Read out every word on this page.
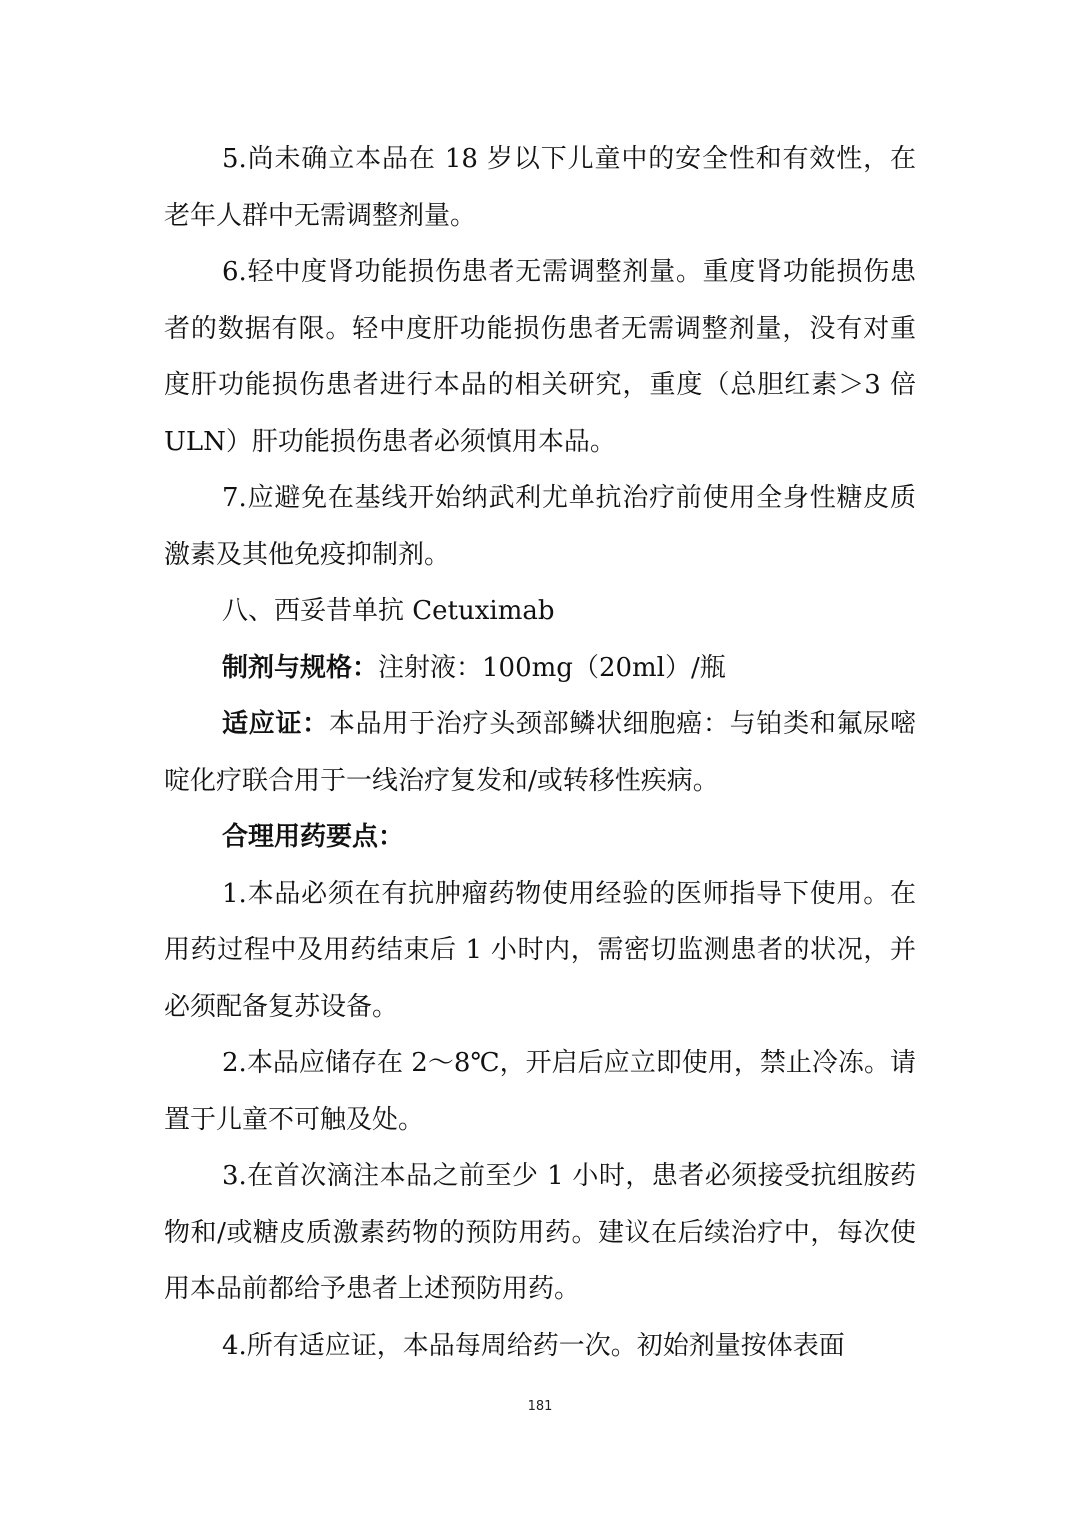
5.尚未确立本品在 18 岁以下儿童中的安全性和有效性，在老年人群中无需调整剂量。

6.轻中度肾功能损伤患者无需调整剂量。重度肾功能损伤患者的数据有限。轻中度肝功能损伤患者无需调整剂量，没有对重度肝功能损伤患者进行本品的相关研究，重度（总胆红素＞3 倍 ULN）肝功能损伤患者必须慎用本品。

7.应避免在基线开始纳武利尤单抗治疗前使用全身性糖皮质激素及其他免疫抑制剂。

八、西妥昔单抗 Cetuximab

制剂与规格：注射液：100mg（20ml）/瓶

适应证：本品用于治疗头颈部鳞状细胞癌：与铂类和氟尿嘧啶化疗联合用于一线治疗复发和/或转移性疾病。

合理用药要点：

1.本品必须在有抗肿瘤药物使用经验的医师指导下使用。在用药过程中及用药结束后 1 小时内，需密切监测患者的状况，并必须配备复苏设备。

2.本品应储存在 2～8℃，开启后应立即使用，禁止冷冻。请置于儿童不可触及处。

3.在首次滴注本品之前至少 1 小时，患者必须接受抗组胺药物和/或糖皮质激素药物的预防用药。建议在后续治疗中，每次使用本品前都给予患者上述预防用药。

4.所有适应证，本品每周给药一次。初始剂量按体表面

181
